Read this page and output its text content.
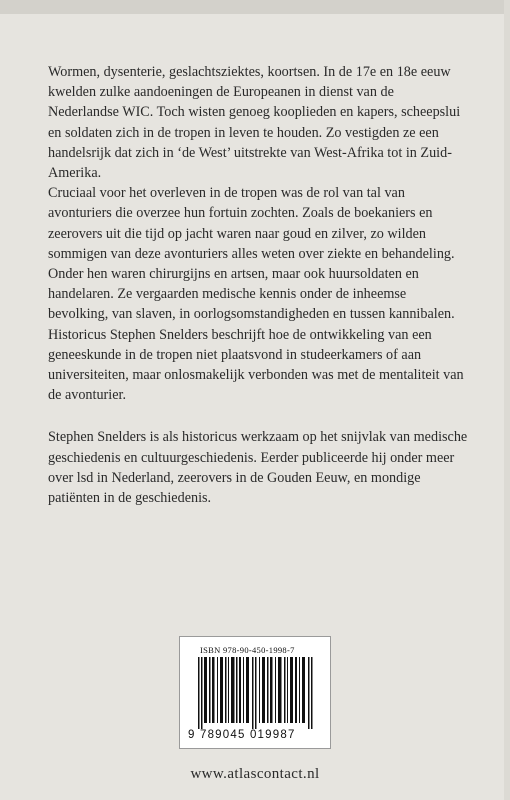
Wormen, dysenterie, geslachtsziektes, koortsen. In de 17e en 18e eeuw kwelden zulke aandoeningen de Europeanen in dienst van de Nederlandse WIC. Toch wisten genoeg kooplieden en kapers, scheepslui en soldaten zich in de tropen in leven te houden. Zo vestigden ze een handelsrijk dat zich in ‘de West’ uitstrekte van West-Afrika tot in Zuid-Amerika.

Cruciaal voor het overleven in de tropen was de rol van tal van avonturiers die overzee hun fortuin zochten. Zoals de boekaniers en zeerovers uit die tijd op jacht waren naar goud en zilver, zo wilden sommigen van deze avonturiers alles weten over ziekte en behandeling. Onder hen waren chirurgijns en artsen, maar ook huursoldaten en handelaren. Ze vergaarden medische kennis onder de inheemse bevolking, van slaven, in oorlogsomstandigheden en tussen kannibalen.

Historicus Stephen Snelders beschrijft hoe de ontwikkeling van een geneeskunde in de tropen niet plaatsvond in studeerkamers of aan universiteiten, maar onlosmakelijk verbonden was met de mentaliteit van de avonturier.

Stephen Snelders is als historicus werkzaam op het snijvlak van medische geschiedenis en cultuurgeschiedenis. Eerder publiceerde hij onder meer over lsd in Nederland, zeerovers in de Gouden Eeuw, en mondige patiënten in de geschiedenis.

ISBN 978-90-450-1998-7
9 789045 019987
www.atlascontact.nl
